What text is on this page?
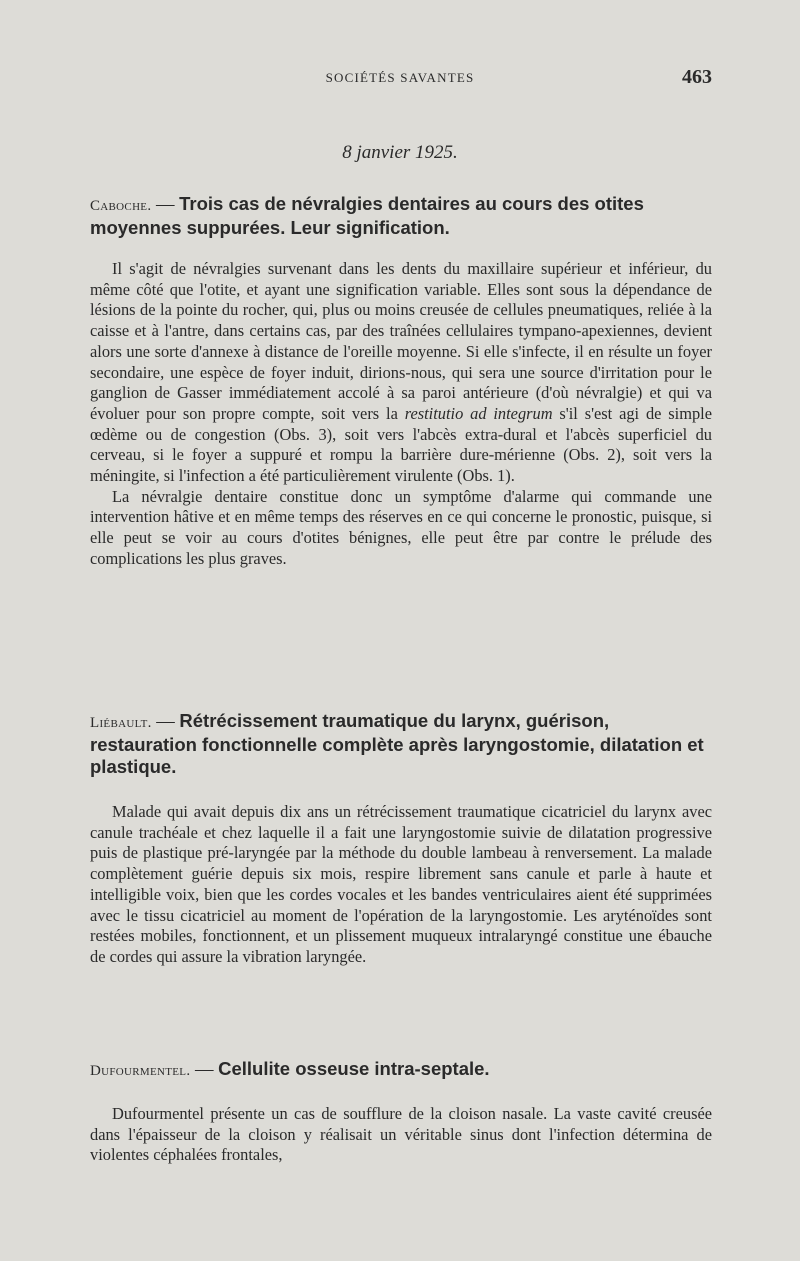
SOCIÉTÉS SAVANTES	463
8 janvier 1925.
Caboche. — Trois cas de névralgies dentaires au cours des otites moyennes suppurées. Leur signification.

Il s'agit de névralgies survenant dans les dents du maxillaire supérieur et inférieur, du même côté que l'otite, et ayant une signification variable. Elles sont sous la dépendance de lésions de la pointe du rocher, qui, plus ou moins creusée de cellules pneumatiques, reliée à la caisse et à l'antre, dans certains cas, par des traînées cellulaires tympano-apexiennes, devient alors une sorte d'annexe à distance de l'oreille moyenne. Si elle s'infecte, il en résulte un foyer secondaire, une espèce de foyer induit, dirions-nous, qui sera une source d'irritation pour le ganglion de Gasser immédiatement accolé à sa paroi antérieure (d'où névralgie) et qui va évoluer pour son propre compte, soit vers la restitutio ad integrum s'il s'est agi de simple œdème ou de congestion (Obs. 3), soit vers l'abcès extra-dural et l'abcès superficiel du cerveau, si le foyer a suppuré et rompu la barrière dure-mérienne (Obs. 2), soit vers la méningite, si l'infection a été particulièrement virulente (Obs. 1).

La névralgie dentaire constitue donc un symptôme d'alarme qui commande une intervention hâtive et en même temps des réserves en ce qui concerne le pronostic, puisque, si elle peut se voir au cours d'otites bénignes, elle peut être par contre le prélude des complications les plus graves.

Liébault. — Rétrécissement traumatique du larynx, guérison, restauration fonctionnelle complète après laryngostomie, dilatation et plastique.

Malade qui avait depuis dix ans un rétrécissement traumatique cicatriciel du larynx avec canule trachéale et chez laquelle il a fait une laryngostomie suivie de dilatation progressive puis de plastique pré-laryngée par la méthode du double lambeau à renversement. La malade complètement guérie depuis six mois, respire librement sans canule et parle à haute et intelligible voix, bien que les cordes vocales et les bandes ventriculaires aient été supprimées avec le tissu cicatriciel au moment de l'opération de la laryngostomie. Les aryténoïdes sont restées mobiles, fonctionnent, et un plissement muqueux intralaryngé constitue une ébauche de cordes qui assure la vibration laryngée.

Dufourmentel. — Cellulite osseuse intra-septale.

Dufourmentel présente un cas de soufflure de la cloison nasale. La vaste cavité creusée dans l'épaisseur de la cloison y réalisait un véritable sinus dont l'infection détermina de violentes céphalées frontales,
